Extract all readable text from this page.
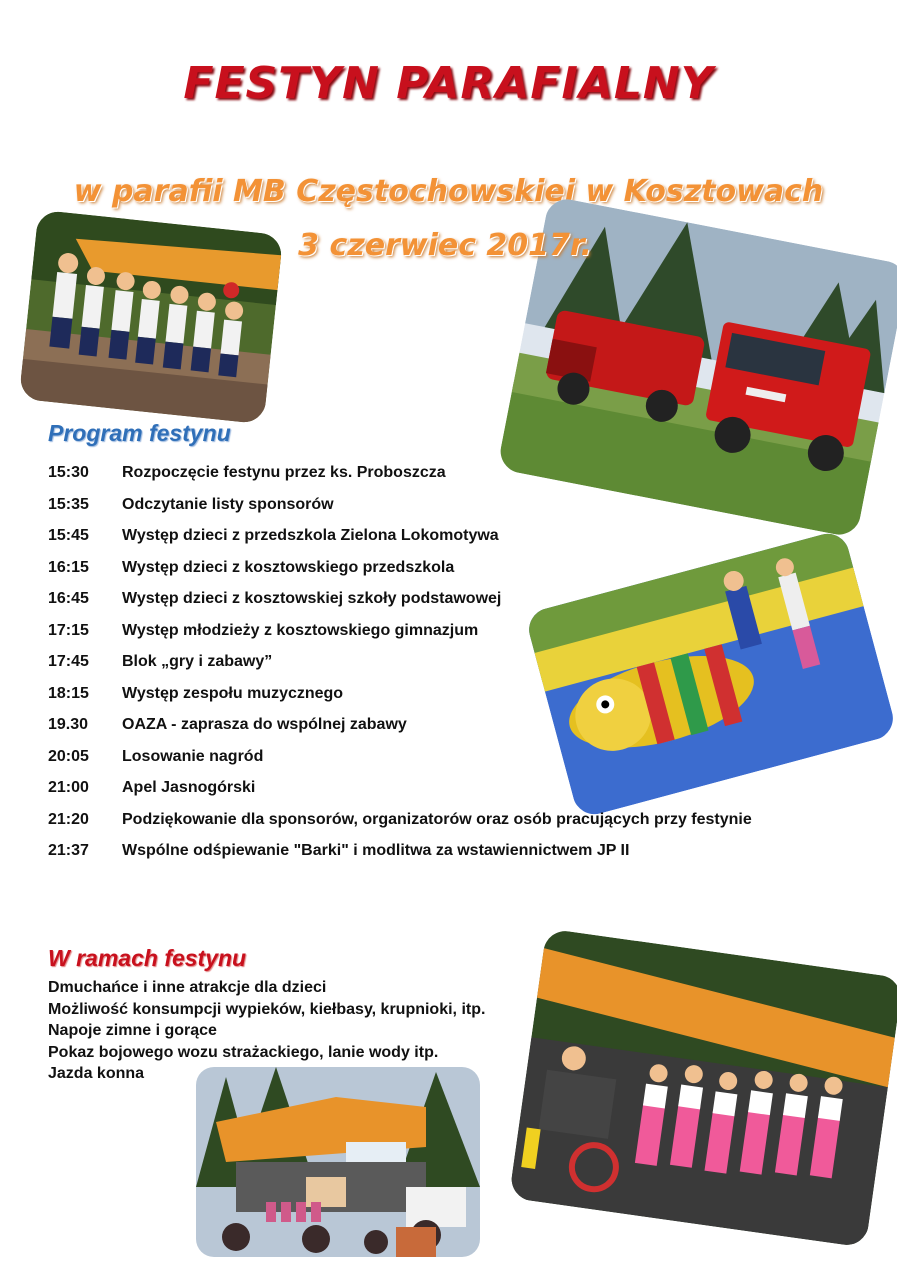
FESTYN PARAFIALNY
w parafii MB Częstochowskiej w Kosztowach
3 czerwiec 2017r.
Program festynu
15:30 Rozpoczęcie festynu przez ks. Proboszcza
15:35 Odczytanie listy sponsorów
15:45 Występ dzieci z przedszkola Zielona Lokomotywa
16:15 Występ dzieci z kosztowskiego przedszkola
16:45 Występ dzieci z kosztowskiej szkoły podstawowej
17:15 Występ młodzieży z kosztowskiego gimnazjum
17:45 Blok „gry i zabawy”
18:15 Występ zespołu muzycznego
19.30 OAZA - zaprasza do wspólnej zabawy
20:05 Losowanie nagród
21:00 Apel Jasnogórski
21:20 Podziękowanie dla sponsorów, organizatorów oraz osób pracujących przy festynie
21:37 Wspólne odśpiewanie "Barki" i modlitwa za wstawiennictwem JP II
W ramach festynu
Dmuchańce i inne atrakcje dla dzieci
Możliwość konsumpcji wypieków, kiełbasy, krupnioki, itp.
Napoje zimne i gorące
Pokaz bojowego wozu strażackiego, lanie wody itp.
Jazda konna
